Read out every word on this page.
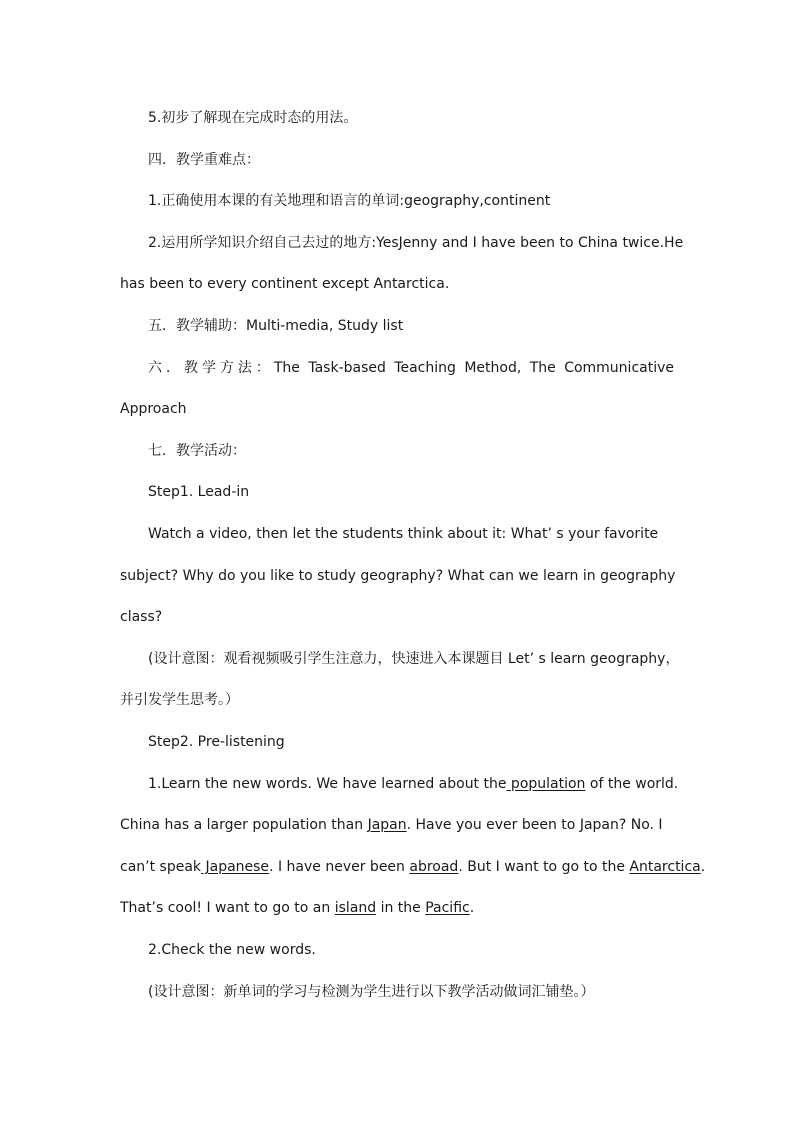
5.初步了解现在完成时态的用法。
四．教学重难点：
1.正确使用本课的有关地理和语言的单词:geography,continent
2.运用所学知识介绍自己去过的地方:YesJenny and I have been to China twice.He
has been to every continent except Antarctica.
五．教学辅助：Multi-media, Study list
六．教学方法：The Task-based Teaching Method, The Communicative
Approach
七．教学活动：
Step1. Lead-in
Watch a video, then let the students think about it: What’ s your favorite
subject? Why do you like to study geography? What can we learn in geography
class?
(设计意图：观看视频吸引学生注意力，快速进入本课题目 Let’ s learn geography，
并引发学生思考。）
Step2. Pre-listening
1.Learn the new words. We have learned about the population of the world.
China has a larger population than Japan. Have you ever been to Japan? No. I
can’t speak Japanese. I have never been abroad. But I want to go to the Antarctica.
That’s cool! I want to go to an island in the Pacific.
2.Check the new words.
(设计意图：新单词的学习与检测为学生进行以下教学活动做词汇铺垫。）
